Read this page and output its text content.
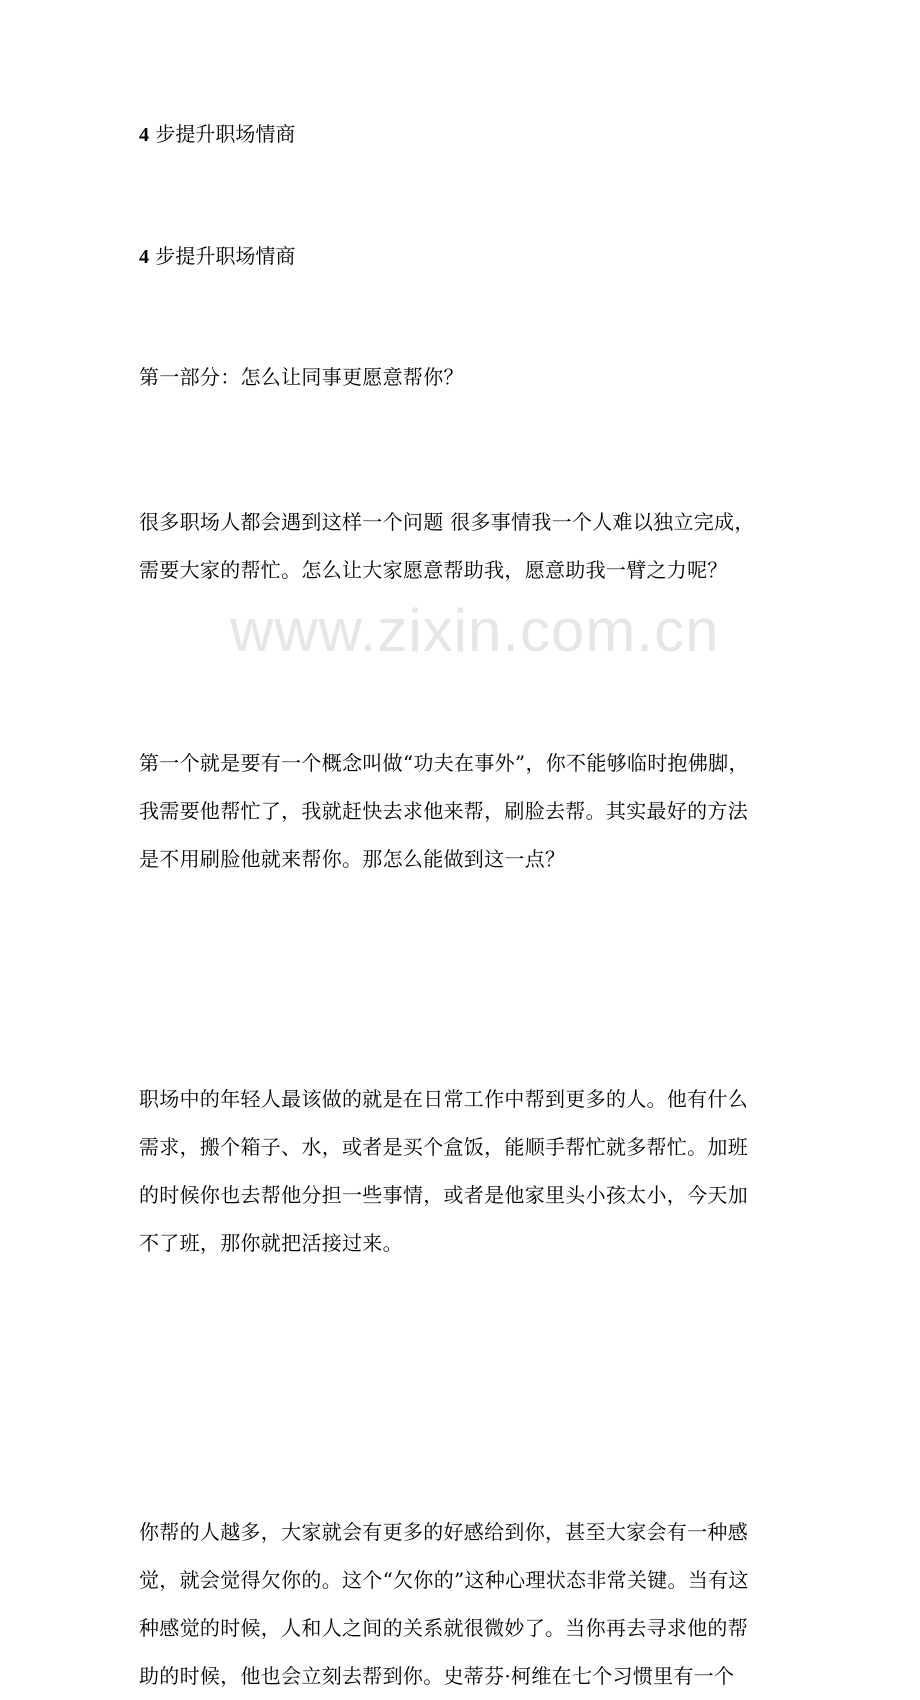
www.zixin.com.cn
4 步提升职场情商
4 步提升职场情商
第一部分：怎么让同事更愿意帮你？
很多职场人都会遇到这样一个问题 很多事情我一个人难以独立完成，
需要大家的帮忙。怎么让大家愿意帮助我，愿意助我一臂之力呢？
第一个就是要有一个概念叫做“功夫在事外”，你不能够临时抱佛脚，
我需要他帮忙了，我就赶快去求他来帮，刷脸去帮。其实最好的方法
是不用刷脸他就来帮你。那怎么能做到这一点？
职场中的年轻人最该做的就是在日常工作中帮到更多的人。他有什么
需求，搬个箱子、水，或者是买个盒饭，能顺手帮忙就多帮忙。加班
的时候你也去帮他分担一些事情，或者是他家里头小孩太小，今天加
不了班，那你就把活接过来。
你帮的人越多，大家就会有更多的好感给到你，甚至大家会有一种感
觉，就会觉得欠你的。这个“欠你的”这种心理状态非常关键。当有这
种感觉的时候，人和人之间的关系就很微妙了。当你再去寻求他的帮
助的时候，他也会立刻去帮到你。史蒂芬·柯维在七个习惯里有一个
